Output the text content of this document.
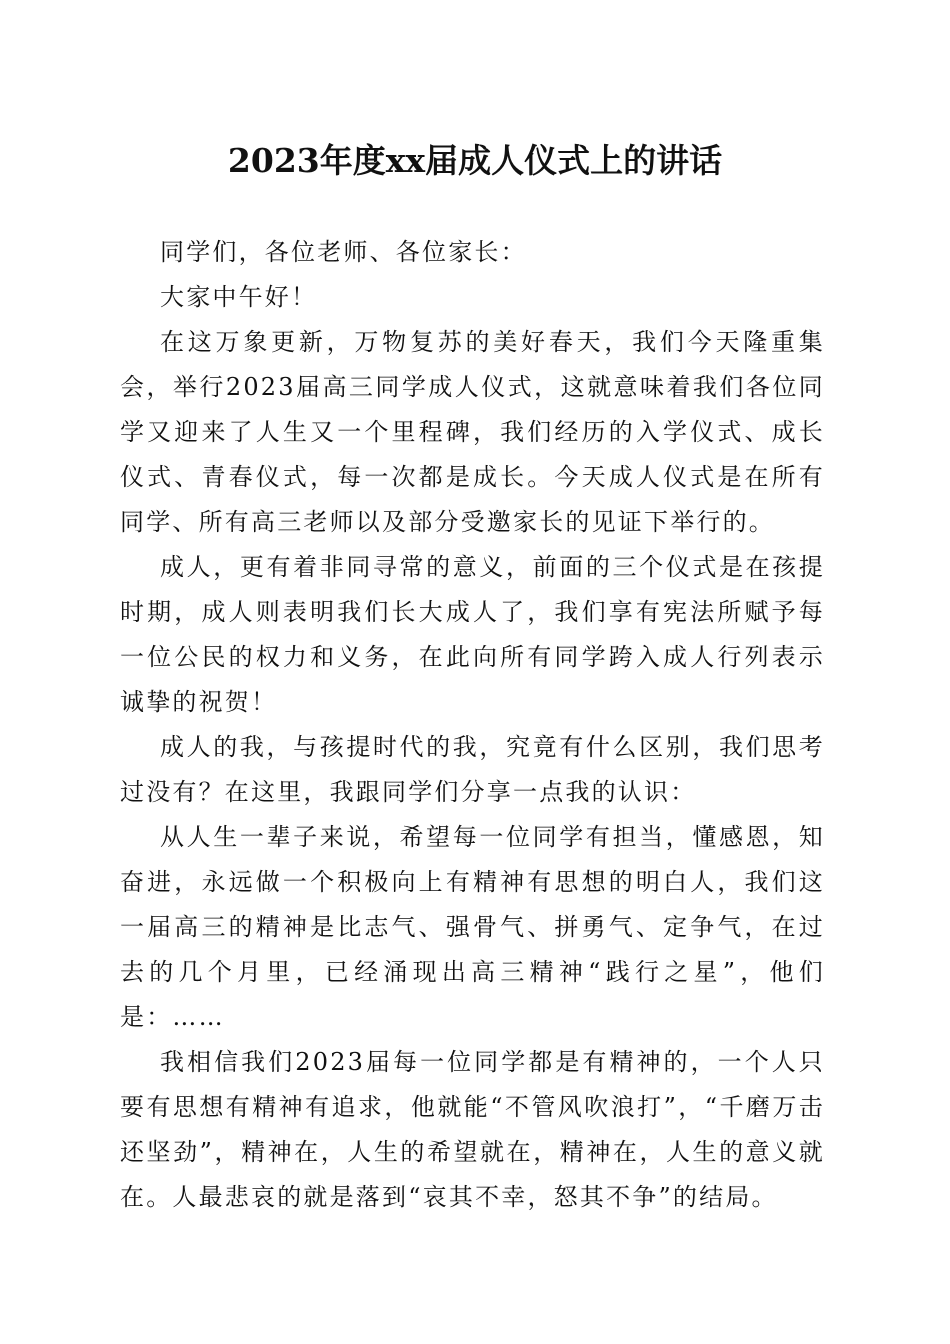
2023年度xx届成人仪式上的讲话

同学们，各位老师、各位家长：

大家中午好！

在这万象更新，万物复苏的美好春天，我们今天隆重集会，举行2023届高三同学成人仪式，这就意味着我们各位同学又迎来了人生又一个里程碑，我们经历的入学仪式、成长仪式、青春仪式，每一次都是成长。今天成人仪式是在所有同学、所有高三老师以及部分受邀家长的见证下举行的。

成人，更有着非同寻常的意义，前面的三个仪式是在孩提时期，成人则表明我们长大成人了，我们享有宪法所赋予每一位公民的权力和义务，在此向所有同学跨入成人行列表示诚挚的祝贺！

成人的我，与孩提时代的我，究竟有什么区别，我们思考过没有？在这里，我跟同学们分享一点我的认识：

从人生一辈子来说，希望每一位同学有担当，懂感恩，知奋进，永远做一个积极向上有精神有思想的明白人，我们这一届高三的精神是比志气、强骨气、拼勇气、定争气，在过去的几个月里，已经涌现出高三精神“践行之星”，他们是：……

我相信我们2023届每一位同学都是有精神的，一个人只要有思想有精神有追求，他就能“不管风吹浪打”，“千磨万击还坚劲”，精神在，人生的希望就在，精神在，人生的意义就在。人最悲哀的就是落到“哀其不幸，怒其不争”的结局。
